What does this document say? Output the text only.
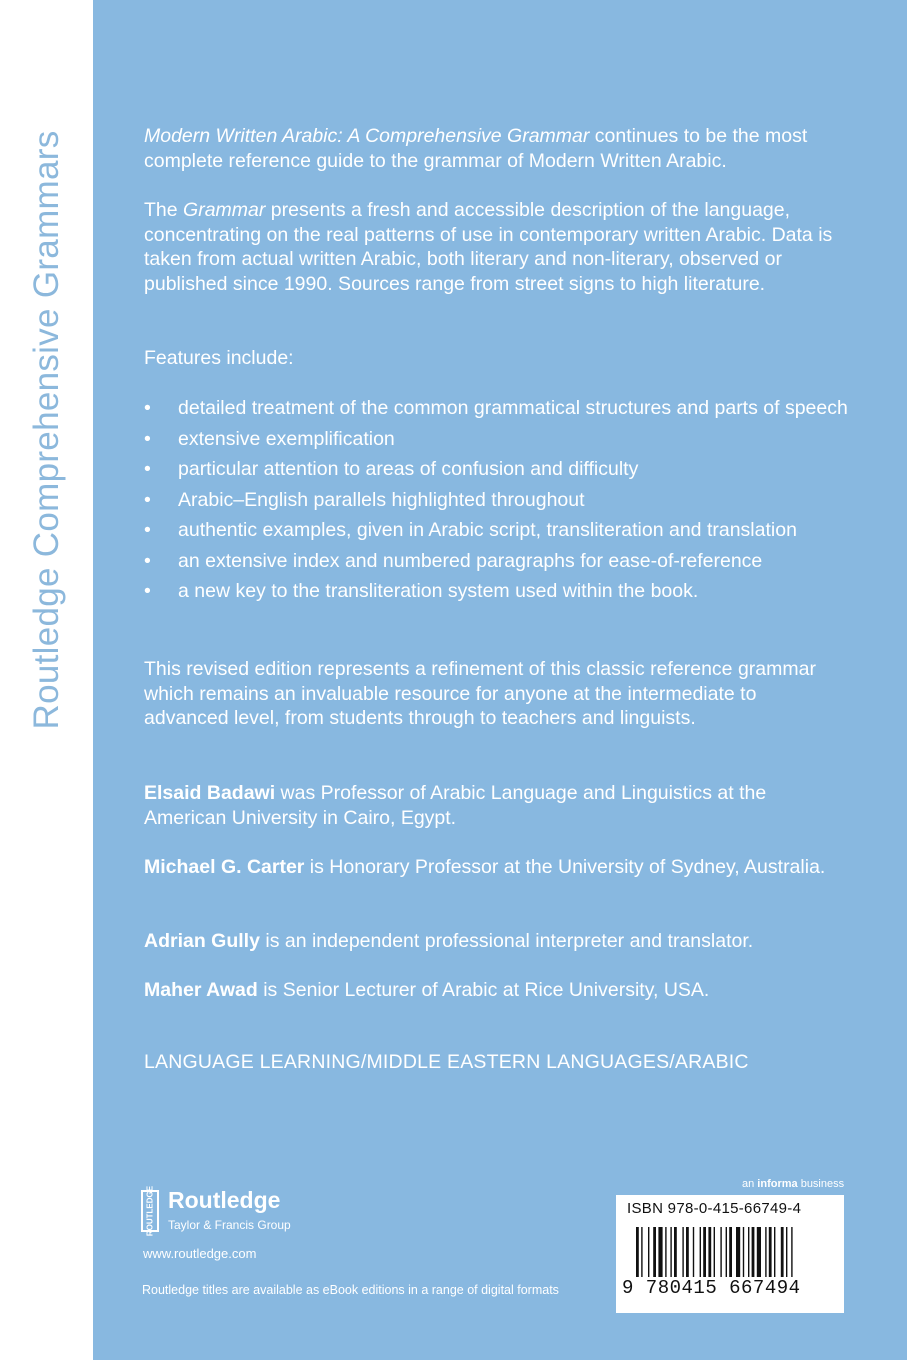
Routledge Comprehensive Grammars	Modern Written Arabic: A Comprehensive Grammar continues to be the most complete reference guide to the grammar of Modern Written Arabic.

The Grammar presents a fresh and accessible description of the language, concentrating on the real patterns of use in contemporary written Arabic. Data is taken from actual written Arabic, both literary and non-literary, observed or published since 1990. Sources range from street signs to high literature.

Features include:

• detailed treatment of the common grammatical structures and parts of speech
• extensive exemplification
• particular attention to areas of confusion and difficulty
• Arabic–English parallels highlighted throughout
• authentic examples, given in Arabic script, transliteration and translation
• an extensive index and numbered paragraphs for ease-of-reference
• a new key to the transliteration system used within the book.

This revised edition represents a refinement of this classic reference grammar which remains an invaluable resource for anyone at the intermediate to advanced level, from students through to teachers and linguists.

Elsaid Badawi was Professor of Arabic Language and Linguistics at the American University in Cairo, Egypt.

Michael G. Carter is Honorary Professor at the University of Sydney, Australia.

Adrian Gully is an independent professional interpreter and translator.

Maher Awad is Senior Lecturer of Arabic at Rice University, USA.

LANGUAGE LEARNING/MIDDLE EASTERN LANGUAGES/ARABIC
ROUTLEDGE Routledge
Taylor & Francis Group
www.routledge.com
Routledge titles are available as eBook editions in a range of digital formats
an informa business
ISBN 978-0-415-66749-4
9 780415 667494
